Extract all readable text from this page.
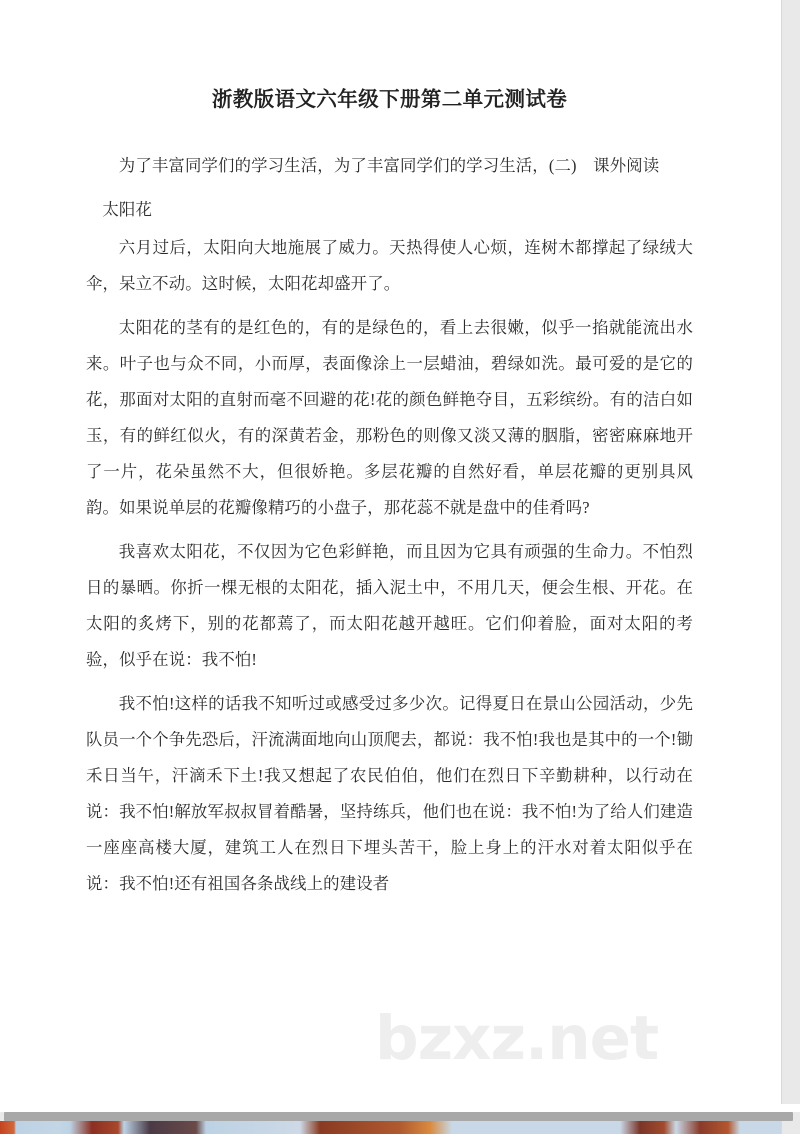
浙教版语文六年级下册第二单元测试卷

为了丰富同学们的学习生活，为了丰富同学们的学习生活，(二)　课外阅读

太阳花

六月过后，太阳向大地施展了威力。天热得使人心烦，连树木都撑起了绿绒大伞，呆立不动。这时候，太阳花却盛开了。

太阳花的茎有的是红色的，有的是绿色的，看上去很嫩，似乎一掐就能流出水来。叶子也与众不同，小而厚，表面像涂上一层蜡油，碧绿如洗。最可爱的是它的花，那面对太阳的直射而毫不回避的花!花的颜色鲜艳夺目，五彩缤纷。有的洁白如玉，有的鲜红似火，有的深黄若金，那粉色的则像又淡又薄的胭脂，密密麻麻地开了一片，花朵虽然不大，但很娇艳。多层花瓣的自然好看，单层花瓣的更别具风韵。如果说单层的花瓣像精巧的小盘子，那花蕊不就是盘中的佳肴吗?

我喜欢太阳花，不仅因为它色彩鲜艳，而且因为它具有顽强的生命力。不怕烈日的暴晒。你折一棵无根的太阳花，插入泥土中，不用几天，便会生根、开花。在太阳的炙烤下，别的花都蔫了，而太阳花越开越旺。它们仰着脸，面对太阳的考验，似乎在说：我不怕!

我不怕!这样的话我不知听过或感受过多少次。记得夏日在景山公园活动，少先队员一个个争先恐后，汗流满面地向山顶爬去，都说：我不怕!我也是其中的一个!锄禾日当午，汗滴禾下土!我又想起了农民伯伯，他们在烈日下辛勤耕种，以行动在说：我不怕!解放军叔叔冒着酷暑，坚持练兵，他们也在说：我不怕!为了给人们建造一座座高楼大厦，建筑工人在烈日下埋头苦干，脸上身上的汗水对着太阳似乎在说：我不怕!还有祖国各条战线上的建设者

bzxz.net
